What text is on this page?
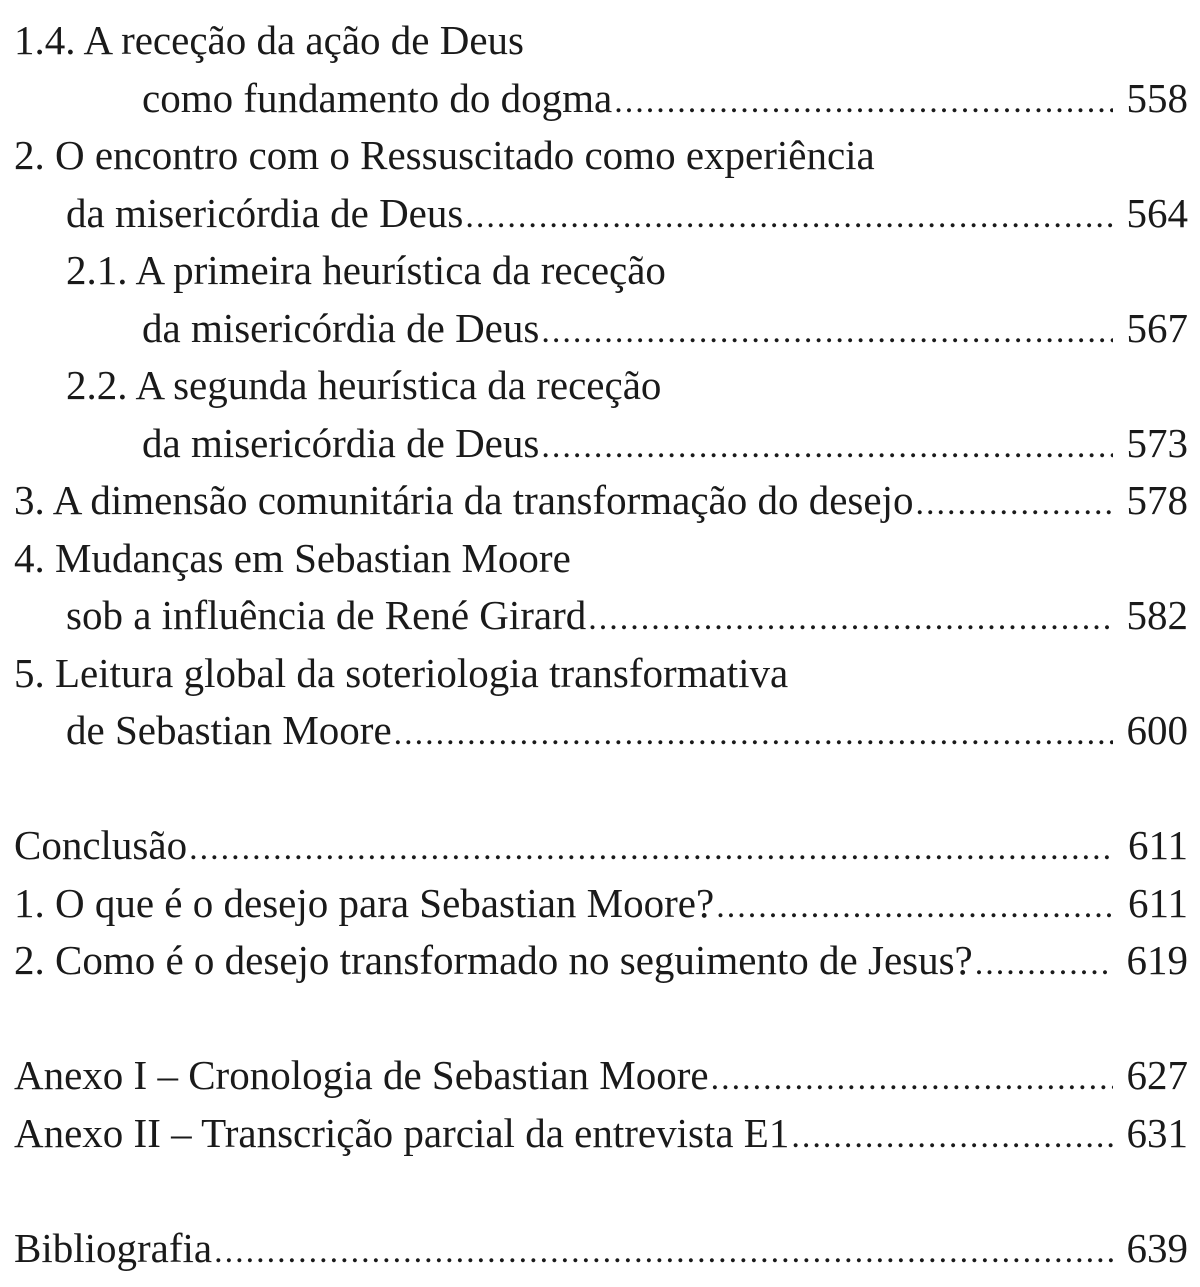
1.4. A receção da ação de Deus
como fundamento do dogma .....	558
2. O encontro com o Ressuscitado como experiência
da misericórdia de Deus .....	564
2.1. A primeira heurística da receção
da misericórdia de Deus .....	567
2.2. A segunda heurística da receção
da misericórdia de Deus .....	573
3. A dimensão comunitária da transformação do desejo .....	578
4. Mudanças em Sebastian Moore
sob a influência de René Girard .....	582
5. Leitura global da soteriologia transformativa
de Sebastian Moore .....	600
Conclusão .....	611
1. O que é o desejo para Sebastian Moore? .....	611
2. Como é o desejo transformado no seguimento de Jesus? .....	619
Anexo I – Cronologia de Sebastian Moore .....	627
Anexo II – Transcrição parcial da entrevista E1 .....	631
Bibliografia .....	639
